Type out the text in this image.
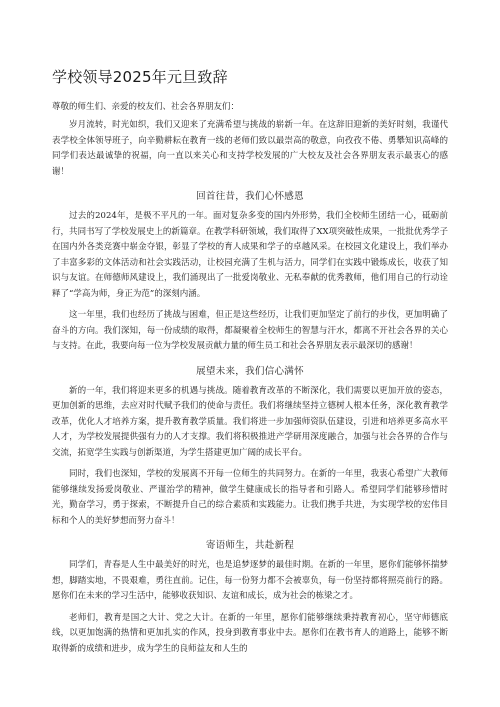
学校领导2025年元旦致辞

尊敬的师生们、亲爱的校友们、社会各界朋友们：

岁月流转，时光如织，我们又迎来了充满希望与挑战的崭新一年。在这辞旧迎新的美好时刻，我谨代表学校全体领导班子，向辛勤耕耘在教育一线的老师们致以最崇高的敬意，向孜孜不倦、勇攀知识高峰的同学们表达最诚挚的祝福，向一直以来关心和支持学校发展的广大校友及社会各界朋友表示最衷心的感谢！

回首往昔，我们心怀感恩

过去的2024年，是极不平凡的一年。面对复杂多变的国内外形势，我们全校师生团结一心，砥砺前行，共同书写了学校发展史上的新篇章。在教学科研领域，我们取得了XX项突破性成果，一批批优秀学子在国内外各类竞赛中崭金夺银，彰显了学校的育人成果和学子的卓越风采。在校园文化建设上，我们举办了丰富多彩的文体活动和社会实践活动，让校园充满了生机与活力，同学们在实践中锻炼成长，收获了知识与友谊。在师德师风建设上，我们涌现出了一批爱岗敬业、无私奉献的优秀教师，他们用自己的行动诠释了“学高为师，身正为范”的深刻内涵。

这一年里，我们也经历了挑战与困难，但正是这些经历，让我们更加坚定了前行的步伐，更加明确了奋斗的方向。我们深知，每一份成绩的取得，都凝聚着全校师生的智慧与汗水，都离不开社会各界的关心与支持。在此，我要向每一位为学校发展贡献力量的师生员工和社会各界朋友表示最深切的感谢！

展望未来，我们信心满怀

新的一年，我们将迎来更多的机遇与挑战。随着教育改革的不断深化，我们需要以更加开放的姿态，更加创新的思维，去应对时代赋予我们的使命与责任。我们将继续坚持立德树人根本任务，深化教育教学改革，优化人才培养方案，提升教育教学质量。我们将进一步加强师资队伍建设，引进和培养更多高水平人才，为学校发展提供强有力的人才支撑。我们将积极推进产学研用深度融合，加强与社会各界的合作与交流，拓宽学生实践与创新渠道，为学生搭建更加广阔的成长平台。

同时，我们也深知，学校的发展离不开每一位师生的共同努力。在新的一年里，我衷心希望广大教师能够继续发扬爱岗敬业、严谨治学的精神，做学生健康成长的指导者和引路人。希望同学们能够珍惜时光，勤奋学习，勇于探索，不断提升自己的综合素质和实践能力。让我们携手共进，为实现学校的宏伟目标和个人的美好梦想而努力奋斗！

寄语师生，共赴新程

同学们，青春是人生中最美好的时光，也是追梦逐梦的最佳时期。在新的一年里，愿你们能够怀揣梦想，脚踏实地，不畏艰难，勇往直前。记住，每一份努力都不会被辜负，每一份坚持都将照亮前行的路。愿你们在未来的学习生活中，能够收获知识、友谊和成长，成为社会的栋梁之才。

老师们，教育是国之大计、党之大计。在新的一年里，愿你们能够继续秉持教育初心，坚守师德底线，以更加饱满的热情和更加扎实的作风，投身到教育事业中去。愿你们在教书育人的道路上，能够不断取得新的成绩和进步，成为学生的良师益友和人生的
